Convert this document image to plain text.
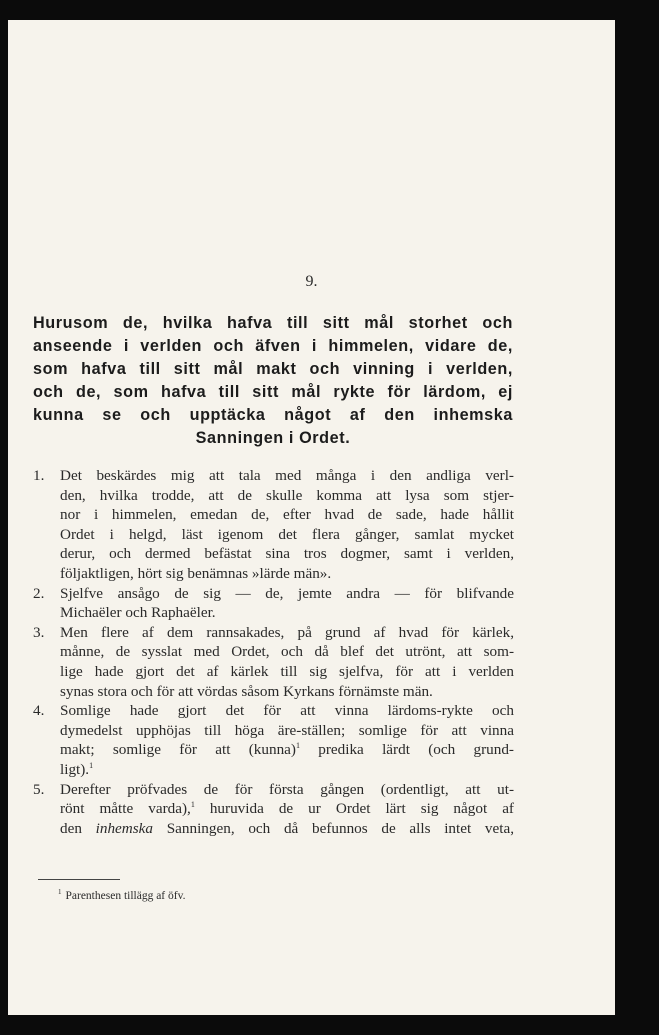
9.
Hurusom de, hvilka hafva till sitt mål storhet och
anseende i verlden och äfven i himmelen, vidare de,
som hafva till sitt mål makt och vinning i verlden,
och de, som hafva till sitt mål rykte för lärdom, ej
kunna se och upptäcka något af den inhemska
Sanningen i Ordet.
1.	Det beskärdes mig att tala med många i den andliga verl-
den, hvilka trodde, att de skulle komma att lysa som stjer-
nor i himmelen, emedan de, efter hvad de sade, hade hållit
Ordet i helgd, läst igenom det flera gånger, samlat mycket
derur, och dermed befästat sina tros dogmer, samt i verlden,
följaktligen, hört sig benämnas »lärde män».
2.	Sjelfve ansågo de sig — de, jemte andra — för blifvande
Michaëler och Raphaëler.
3.	Men flere af dem rannsakades, på grund af hvad för kärlek,
månne, de sysslat med Ordet, och då blef det utrönt, att som-
lige hade gjort det af kärlek till sig sjelfva, för att i verlden
synas stora och för att vördas såsom Kyrkans förnämste män.
4.	Somlige hade gjort det för att vinna lärdoms-rykte och
dymedelst upphöjas till höga äre-ställen; somlige för att vinna
makt; somlige för att (kunna)$^1$ predika lärdt (och grund-
ligt).$^1$
5.	Derefter pröfvades de för första gången (ordentligt, att ut-
rönt måtte varda),$^1$ huruvida de ur Ordet lärt sig något af
den inhemska Sanningen, och då befunnos de alls intet veta,
$^1$ Parenthesen tillägg af öfv.
